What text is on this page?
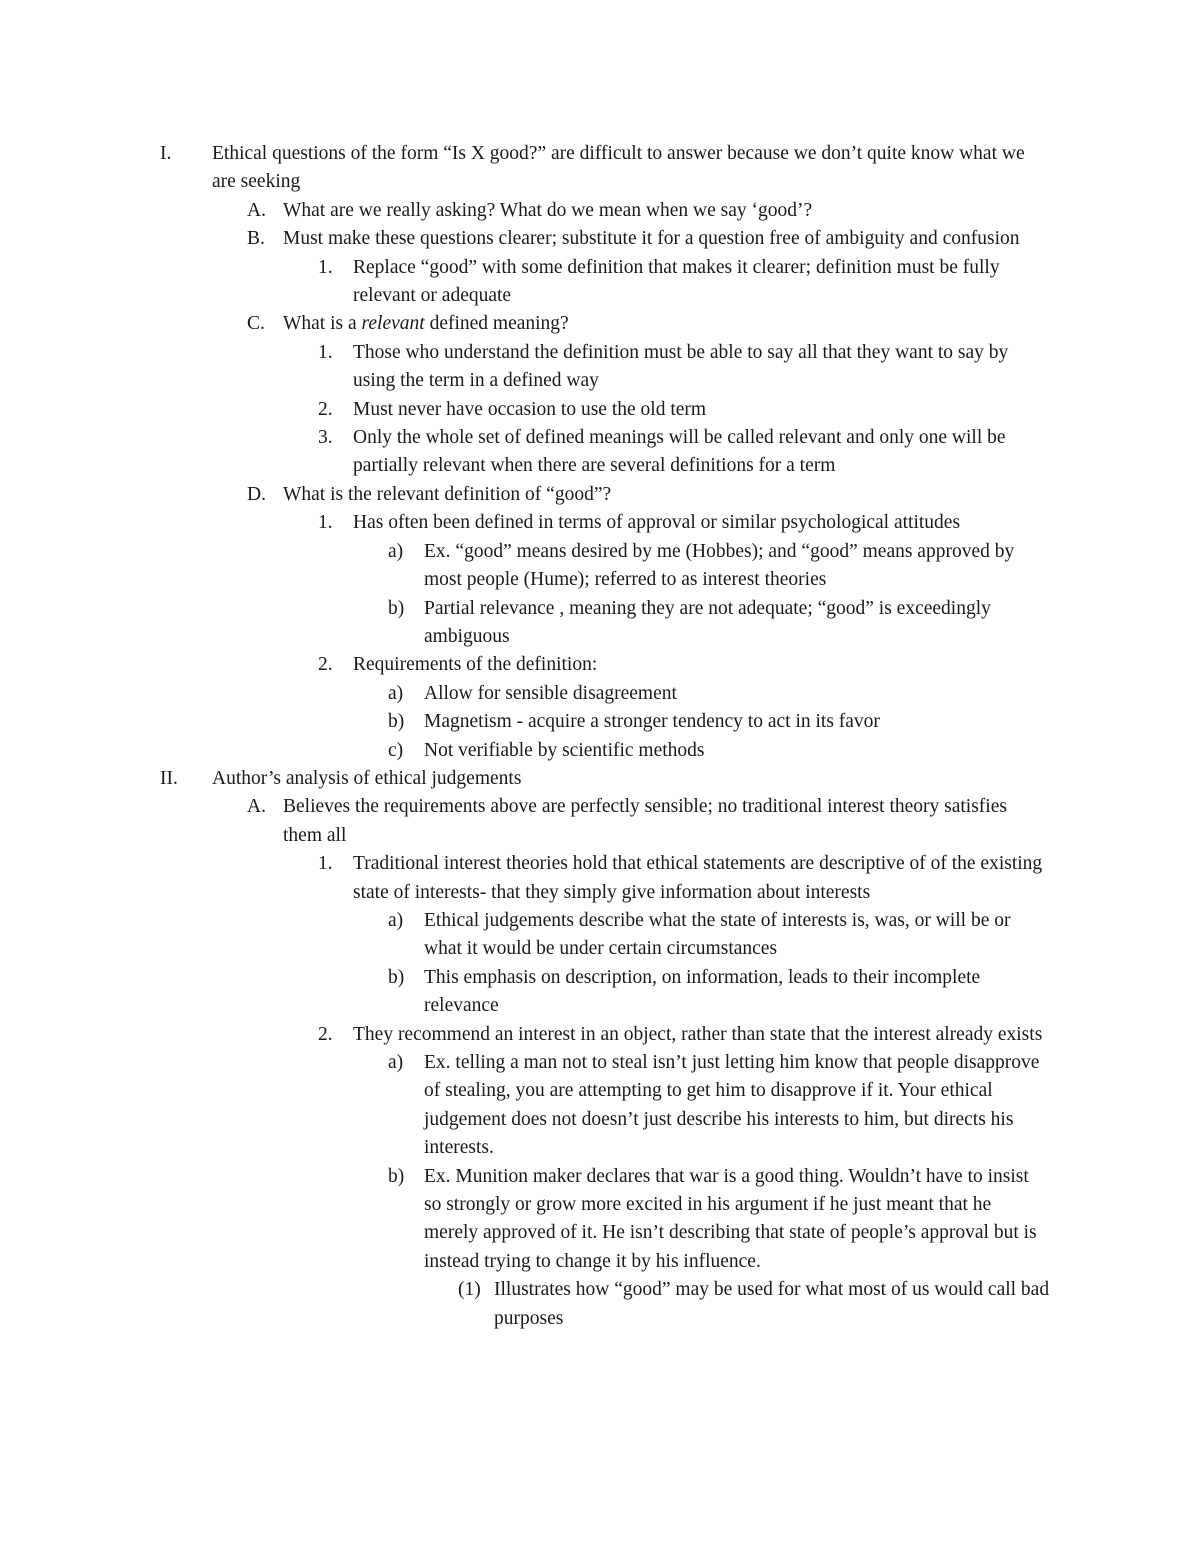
I. Ethical questions of the form “Is X good?” are difficult to answer because we don’t quite know what we are seeking
A. What are we really asking? What do we mean when we say ‘good’?
B. Must make these questions clearer; substitute it for a question free of ambiguity and confusion
1. Replace “good” with some definition that makes it clearer; definition must be fully relevant or adequate
C. What is a relevant defined meaning?
1. Those who understand the definition must be able to say all that they want to say by using the term in a defined way
2. Must never have occasion to use the old term
3. Only the whole set of defined meanings will be called relevant and only one will be partially relevant when there are several definitions for a term
D. What is the relevant definition of “good”?
1. Has often been defined in terms of approval or similar psychological attitudes
a) Ex. “good” means desired by me (Hobbes); and “good” means approved by most people (Hume); referred to as interest theories
b) Partial relevance , meaning they are not adequate; “good” is exceedingly ambiguous
2. Requirements of the definition:
a) Allow for sensible disagreement
b) Magnetism - acquire a stronger tendency to act in its favor
c) Not verifiable by scientific methods
II. Author’s analysis of ethical judgements
A. Believes the requirements above are perfectly sensible; no traditional interest theory satisfies them all
1. Traditional interest theories hold that ethical statements are descriptive of of the existing state of interests- that they simply give information about interests
a) Ethical judgements describe what the state of interests is, was, or will be or what it would be under certain circumstances
b) This emphasis on description, on information, leads to their incomplete relevance
2. They recommend an interest in an object, rather than state that the interest already exists
a) Ex. telling a man not to steal isn’t just letting him know that people disapprove of stealing, you are attempting to get him to disapprove if it. Your ethical judgement does not doesn’t just describe his interests to him, but directs his interests.
b) Ex. Munition maker declares that war is a good thing. Wouldn’t have to insist so strongly or grow more excited in his argument if he just meant that he merely approved of it. He isn’t describing that state of people’s approval but is instead trying to change it by his influence.
(1) Illustrates how “good” may be used for what most of us would call bad purposes
